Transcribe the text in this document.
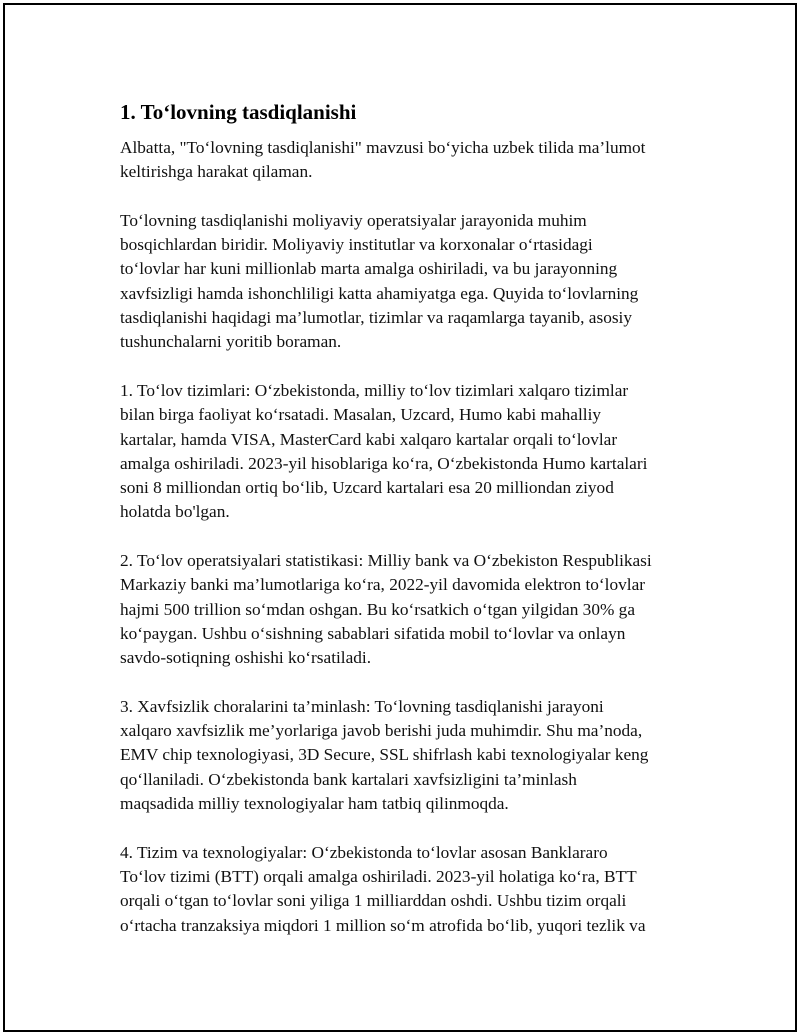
1. To‘lovning tasdiqlanishi

Albatta, "To‘lovning tasdiqlanishi" mavzusi bo‘yicha uzbek tilida ma’lumot
keltirishga harakat qilaman.

To‘lovning tasdiqlanishi moliyaviy operatsiyalar jarayonida muhim
bosqichlardan biridir. Moliyaviy institutlar va korxonalar o‘rtasidagi
to‘lovlar har kuni millionlab marta amalga oshiriladi, va bu jarayonning
xavfsizligi hamda ishonchliligi katta ahamiyatga ega. Quyida to‘lovlarning
tasdiqlanishi haqidagi ma’lumotlar, tizimlar va raqamlarga tayanib, asosiy
tushunchalarni yoritib boraman.

1. To‘lov tizimlari: O‘zbekistonda, milliy to‘lov tizimlari xalqaro tizimlar
bilan birga faoliyat ko‘rsatadi. Masalan, Uzcard, Humo kabi mahalliy
kartalar, hamda VISA, MasterCard kabi xalqaro kartalar orqali to‘lovlar
amalga oshiriladi. 2023-yil hisoblariga ko‘ra, O‘zbekistonda Humo kartalari
soni 8 milliondan ortiq bo‘lib, Uzcard kartalari esa 20 milliondan ziyod
holatda bo'lgan.

2. To‘lov operatsiyalari statistikasi: Milliy bank va O‘zbekiston Respublikasi
Markaziy banki ma’lumotlariga ko‘ra, 2022-yil davomida elektron to‘lovlar
hajmi 500 trillion so‘mdan oshgan. Bu ko‘rsatkich o‘tgan yilgidan 30% ga
ko‘paygan. Ushbu o‘sishning sabablari sifatida mobil to‘lovlar va onlayn
savdo-sotiqning oshishi ko‘rsatiladi.

3. Xavfsizlik choralarini ta’minlash: To‘lovning tasdiqlanishi jarayoni
xalqaro xavfsizlik me’yorlariga javob berishi juda muhimdir. Shu ma’noda,
EMV chip texnologiyasi, 3D Secure, SSL shifrlash kabi texnologiyalar keng
qo‘llaniladi. O‘zbekistonda bank kartalari xavfsizligini ta’minlash
maqsadida milliy texnologiyalar ham tatbiq qilinmoqda.

4. Tizim va texnologiyalar: O‘zbekistonda to‘lovlar asosan Banklararo
To‘lov tizimi (BTT) orqali amalga oshiriladi. 2023-yil holatiga ko‘ra, BTT
orqali o‘tgan to‘lovlar soni yiliga 1 milliarddan oshdi. Ushbu tizim orqali
o‘rtacha tranzaksiya miqdori 1 million so‘m atrofida bo‘lib, yuqori tezlik va
